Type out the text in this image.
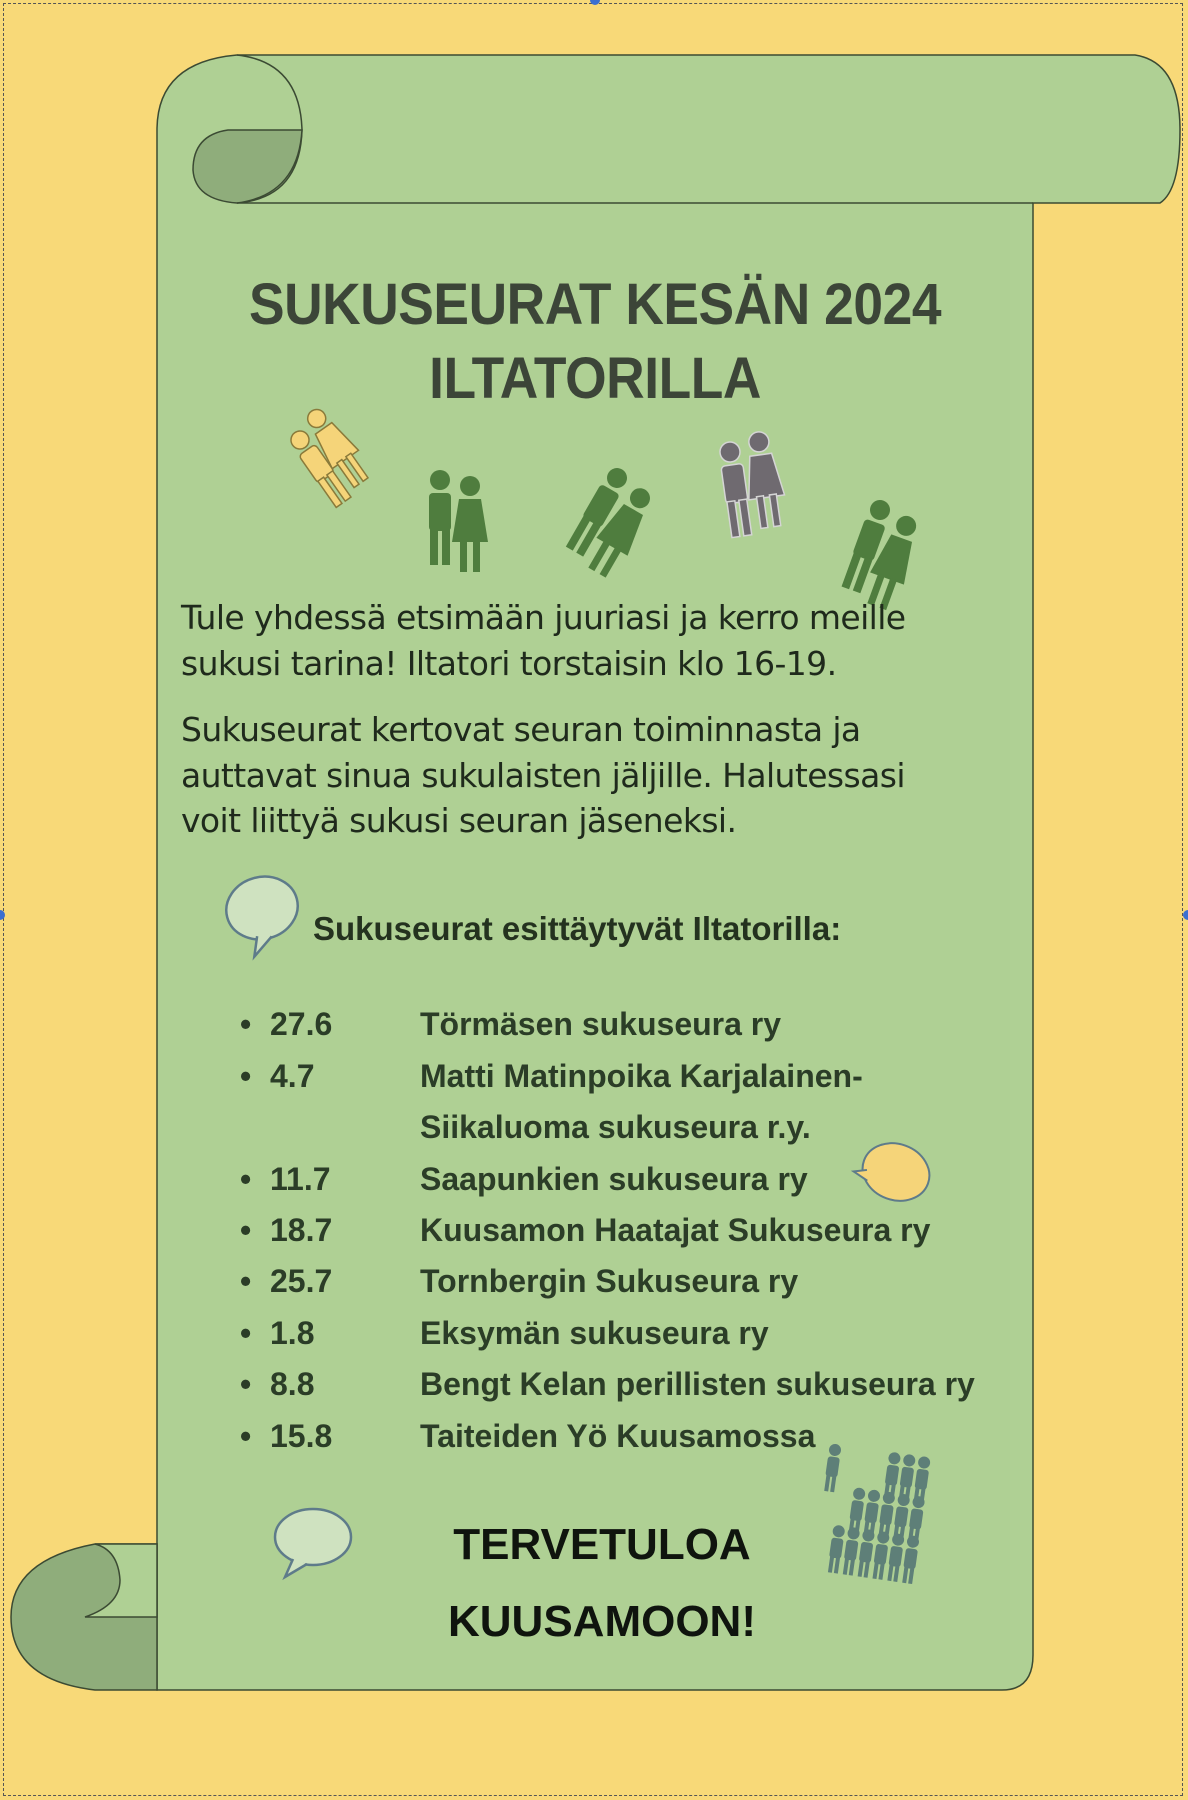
SUKUSEURAT KESÄN 2024
ILTATORILLA
Tule yhdessä etsimään juuriasi ja kerro meille
sukusi tarina! Iltatori torstaisin klo 16-19.
Sukuseurat kertovat seuran toiminnasta ja
auttavat sinua sukulaisten jäljille. Halutessasi
voit liittyä sukusi seuran jäseneksi.
Sukuseurat esittäytyvät Iltatorilla:
• 27.6	Törmäsen sukuseura ry
• 4.7	Matti Matinpoika Karjalainen-
Siikaluoma sukuseura r.y.
• 11.7	Saapunkien sukuseura ry
• 18.7	Kuusamon Haatajat Sukuseura ry
• 25.7	Tornbergin Sukuseura ry
• 1.8	Eksymän sukuseura ry
• 8.8	Bengt Kelan perillisten sukuseura ry
• 15.8	Taiteiden Yö Kuusamossa
TERVETULOA
KUUSAMOON!
